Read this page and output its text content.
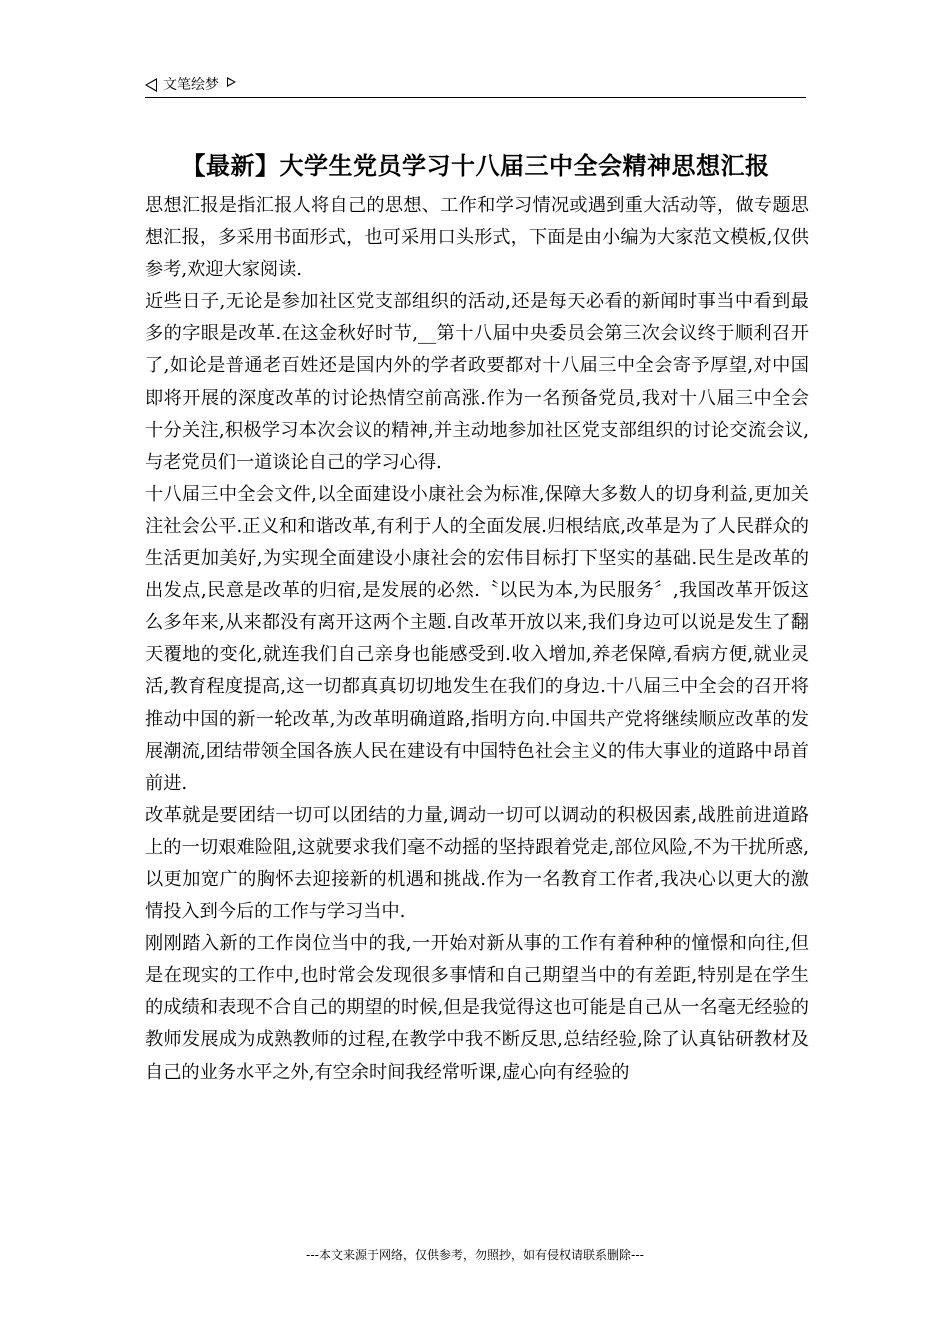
文笔绘梦
【最新】大学生党员学习十八届三中全会精神思想汇报

思想汇报是指汇报人将自己的思想、工作和学习情况或遇到重大活动等，做专题思想汇报，多采用书面形式，也可采用口头形式，下面是由小编为大家范文模板,仅供参考,欢迎大家阅读.

近些日子,无论是参加社区党支部组织的活动,还是每天必看的新闻时事当中看到最多的字眼是改革.在这金秋好时节,__第十八届中央委员会第三次会议终于顺利召开了,如论是普通老百姓还是国内外的学者政要都对十八届三中全会寄予厚望,对中国即将开展的深度改革的讨论热情空前高涨.作为一名预备党员,我对十八届三中全会十分关注,积极学习本次会议的精神,并主动地参加社区党支部组织的讨论交流会议,与老党员们一道谈论自己的学习心得.

十八届三中全会文件,以全面建设小康社会为标准,保障大多数人的切身利益,更加关注社会公平.正义和和谐改革,有利于人的全面发展.归根结底,改革是为了人民群众的生活更加美好,为实现全面建设小康社会的宏伟目标打下坚实的基础.民生是改革的出发点,民意是改革的归宿,是发展的必然.〝以民为本,为民服务〞,我国改革开饭这么多年来,从来都没有离开这两个主题.自改革开放以来,我们身边可以说是发生了翻天覆地的变化,就连我们自己亲身也能感受到.收入增加,养老保障,看病方便,就业灵活,教育程度提高,这一切都真真切切地发生在我们的身边.十八届三中全会的召开将推动中国的新一轮改革,为改革明确道路,指明方向.中国共产党将继续顺应改革的发展潮流,团结带领全国各族人民在建设有中国特色社会主义的伟大事业的道路中昂首前进.

改革就是要团结一切可以团结的力量,调动一切可以调动的积极因素,战胜前进道路上的一切艰难险阻,这就要求我们毫不动摇的坚持跟着党走,部位风险,不为干扰所惑,以更加宽广的胸怀去迎接新的机遇和挑战.作为一名教育工作者,我决心以更大的激情投入到今后的工作与学习当中.

刚刚踏入新的工作岗位当中的我,一开始对新从事的工作有着种种的憧憬和向往,但是在现实的工作中,也时常会发现很多事情和自己期望当中的有差距,特别是在学生的成绩和表现不合自己的期望的时候,但是我觉得这也可能是自己从一名毫无经验的教师发展成为成熟教师的过程,在教学中我不断反思,总结经验,除了认真钻研教材及自己的业务水平之外,有空余时间我经常听课,虚心向有经验的

---本文来源于网络，仅供参考，勿照抄，如有侵权请联系删除---
